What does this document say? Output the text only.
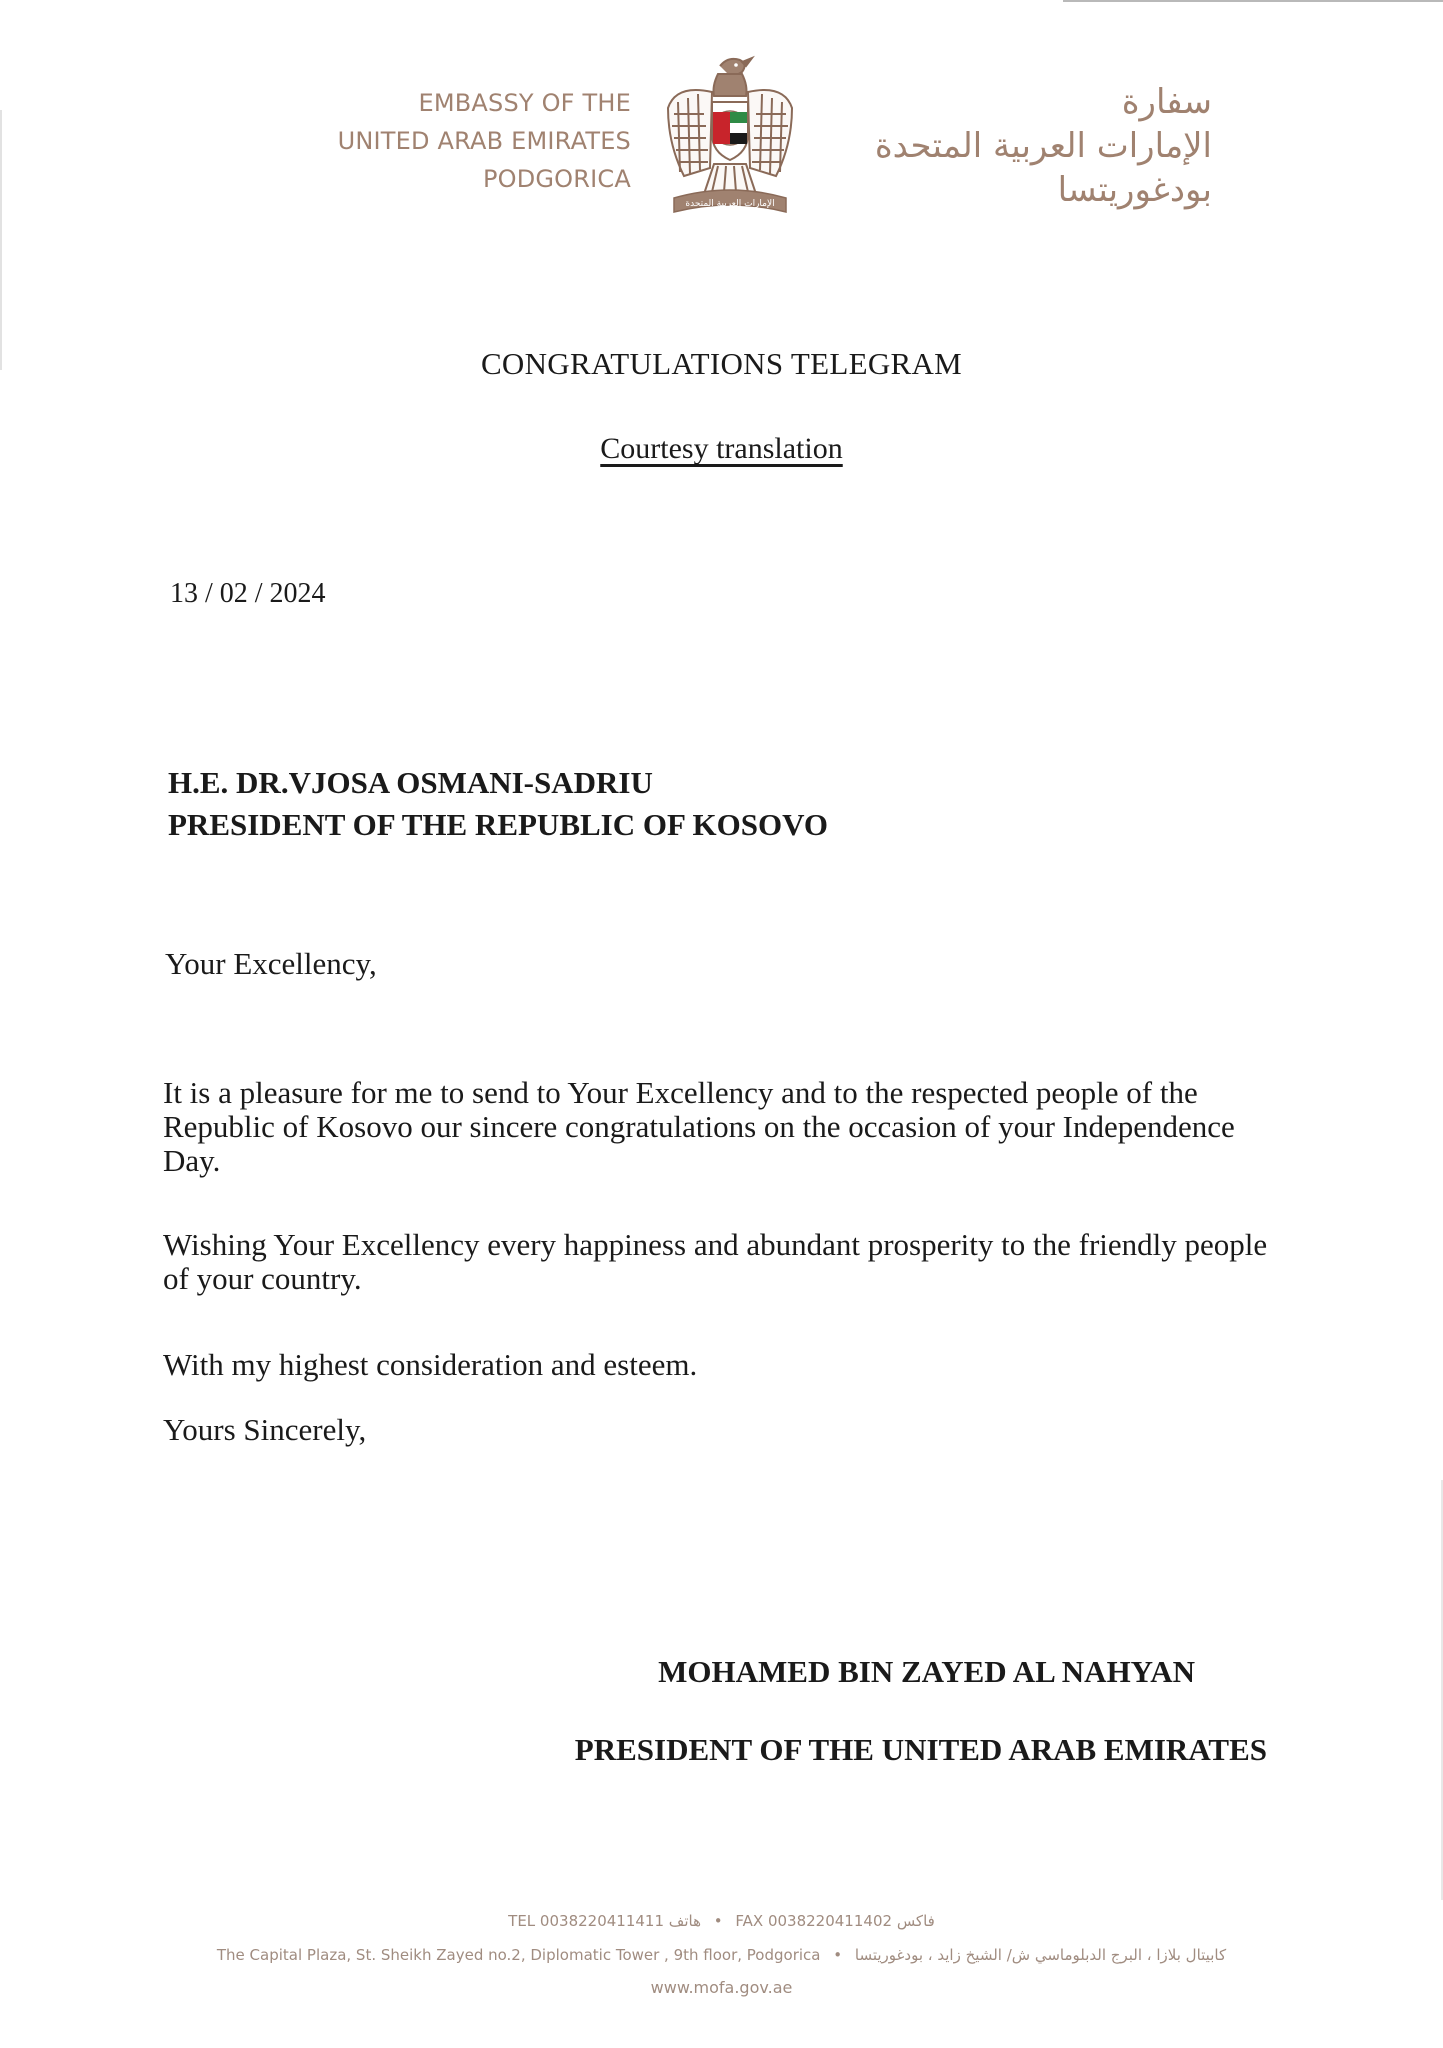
EMBASSY OF THE
UNITED ARAB EMIRATES
PODGORICA
الإمارات العربية المتحدة
سفارة
الإمارات العربية المتحدة
بودغوريتسا
CONGRATULATIONS TELEGRAM
Courtesy translation
13 / 02 / 2024
H.E. DR.VJOSA OSMANI-SADRIU
PRESIDENT OF THE REPUBLIC OF KOSOVO
Your Excellency,

It is a pleasure for me to send to Your Excellency and to the respected people of the Republic of Kosovo our sincere congratulations on the occasion of your Independence Day.

Wishing Your Excellency every happiness and abundant prosperity to the friendly people of your country.

With my highest consideration and esteem.

Yours Sincerely,
MOHAMED BIN ZAYED AL NAHYAN
PRESIDENT OF THE UNITED ARAB EMIRATES
TEL 0038220411411 هاتف • FAX 0038220411402 فاكس
The Capital Plaza, St. Sheikh Zayed no.2, Diplomatic Tower , 9th floor, Podgorica • كابيتال بلازا ، البرج الدبلوماسي ش/ الشيخ زايد ، بودغوريتسا
www.mofa.gov.ae
